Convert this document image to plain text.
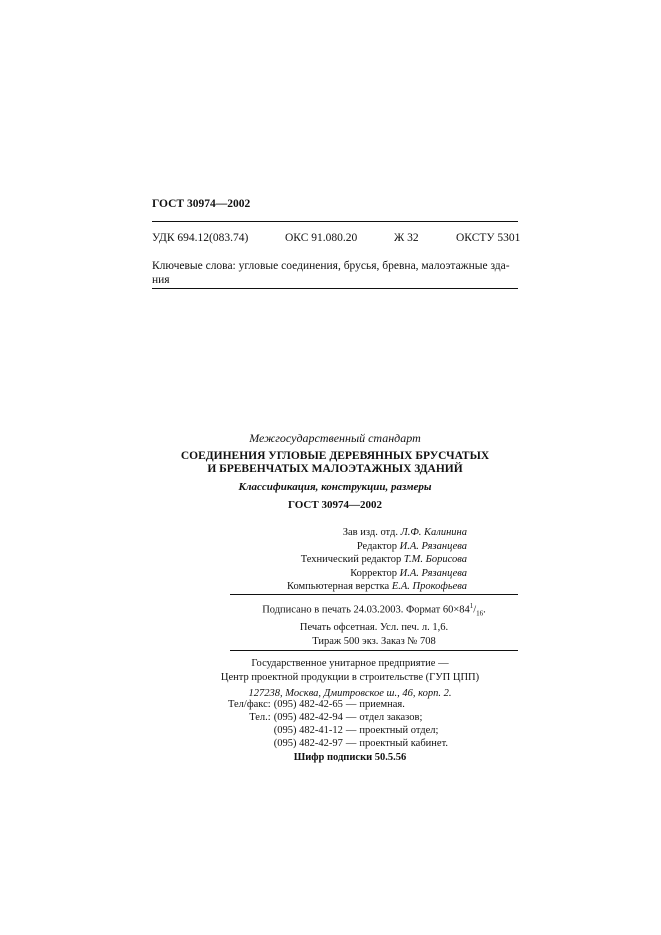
ГОСТ 30974—2002
УДК 694.12(083.74)	ОКС 91.080.20	Ж 32	ОКСТУ 5301
Ключевые слова: угловые соединения, брусья, бревна, малоэтажные зда-
ния
Межгосударственный стандарт
СОЕДИНЕНИЯ УГЛОВЫЕ ДЕРЕВЯННЫХ БРУСЧАТЫХ
И БРЕВЕНЧАТЫХ МАЛОЭТАЖНЫХ ЗДАНИЙ
Классификация, конструкции, размеры
ГОСТ 30974—2002
Зав изд. отд. Л.Ф. Калинина
Редактор И.А. Рязанцева
Технический редактор Т.М. Борисова
Корректор И.А. Рязанцева
Компьютерная верстка Е.А. Прокофьева
Подписано в печать 24.03.2003. Формат $60\times 84^1/_{16}$.
Печать офсетная. Усл. печ. л. 1,6.
Тираж 500 экз. Заказ № 708
Государственное унитарное предприятие —
Центр проектной продукции в строительстве (ГУП ЦПП)
127238, Москва, Дмитровское ш., 46, корп. 2.
Тел/факс:	(095) 482-42-65	—	приемная.
Тел.:	(095) 482-42-94	—	отдел заказов;
	(095) 482-41-12	—	проектный отдел;
	(095) 482-42-97	—	проектный кабинет.
Шифр подписки 50.5.56
